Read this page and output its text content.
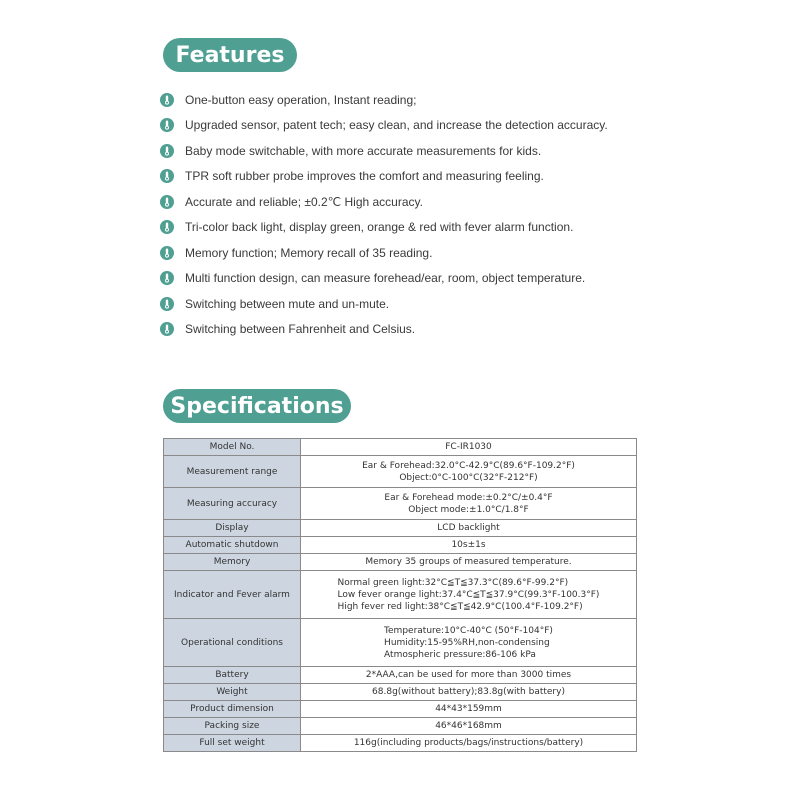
Features
One-button easy operation, Instant reading;
Upgraded sensor, patent tech; easy clean, and increase the detection accuracy.
Baby mode switchable, with more accurate measurements for kids.
TPR soft rubber probe improves the comfort and measuring feeling.
Accurate and reliable; ±0.2℃ High accuracy.
Tri-color back light, display green, orange & red with fever alarm function.
Memory function; Memory recall of 35 reading.
Multi function design, can measure forehead/ear, room, object temperature.
Switching between mute and un-mute.
Switching between Fahrenheit and Celsius.
Specifications
Model No.	FC-IR1030

Measurement range	Ear & Forehead:32.0°C-42.9°C(89.6°F-109.2°F)
Object:0°C-100°C(32°F-212°F)

Measuring accuracy	Ear & Forehead mode:±0.2°C/±0.4°F
Object mode:±1.0°C/1.8°F

Display	LCD backlight

Automatic shutdown	10s±1s

Memory	Memory 35 groups of measured temperature.

Indicator and Fever alarm	Normal green light:32°C≦T≦37.3°C(89.6°F-99.2°F)
Low fever orange light:37.4°C≦T≦37.9°C(99.3°F-100.3°F)
High fever red light:38°C≦T≦42.9°C(100.4°F-109.2°F)

Operational conditions	Temperature:10°C-40°C (50°F-104°F)
Humidity:15-95%RH,non-condensing
Atmospheric pressure:86-106 kPa

Battery	2*AAA,can be used for more than 3000 times

Weight	68.8g(without battery);83.8g(with battery)

Product dimension	44*43*159mm

Packing size	46*46*168mm

Full set weight	116g(including products/bags/instructions/battery)
